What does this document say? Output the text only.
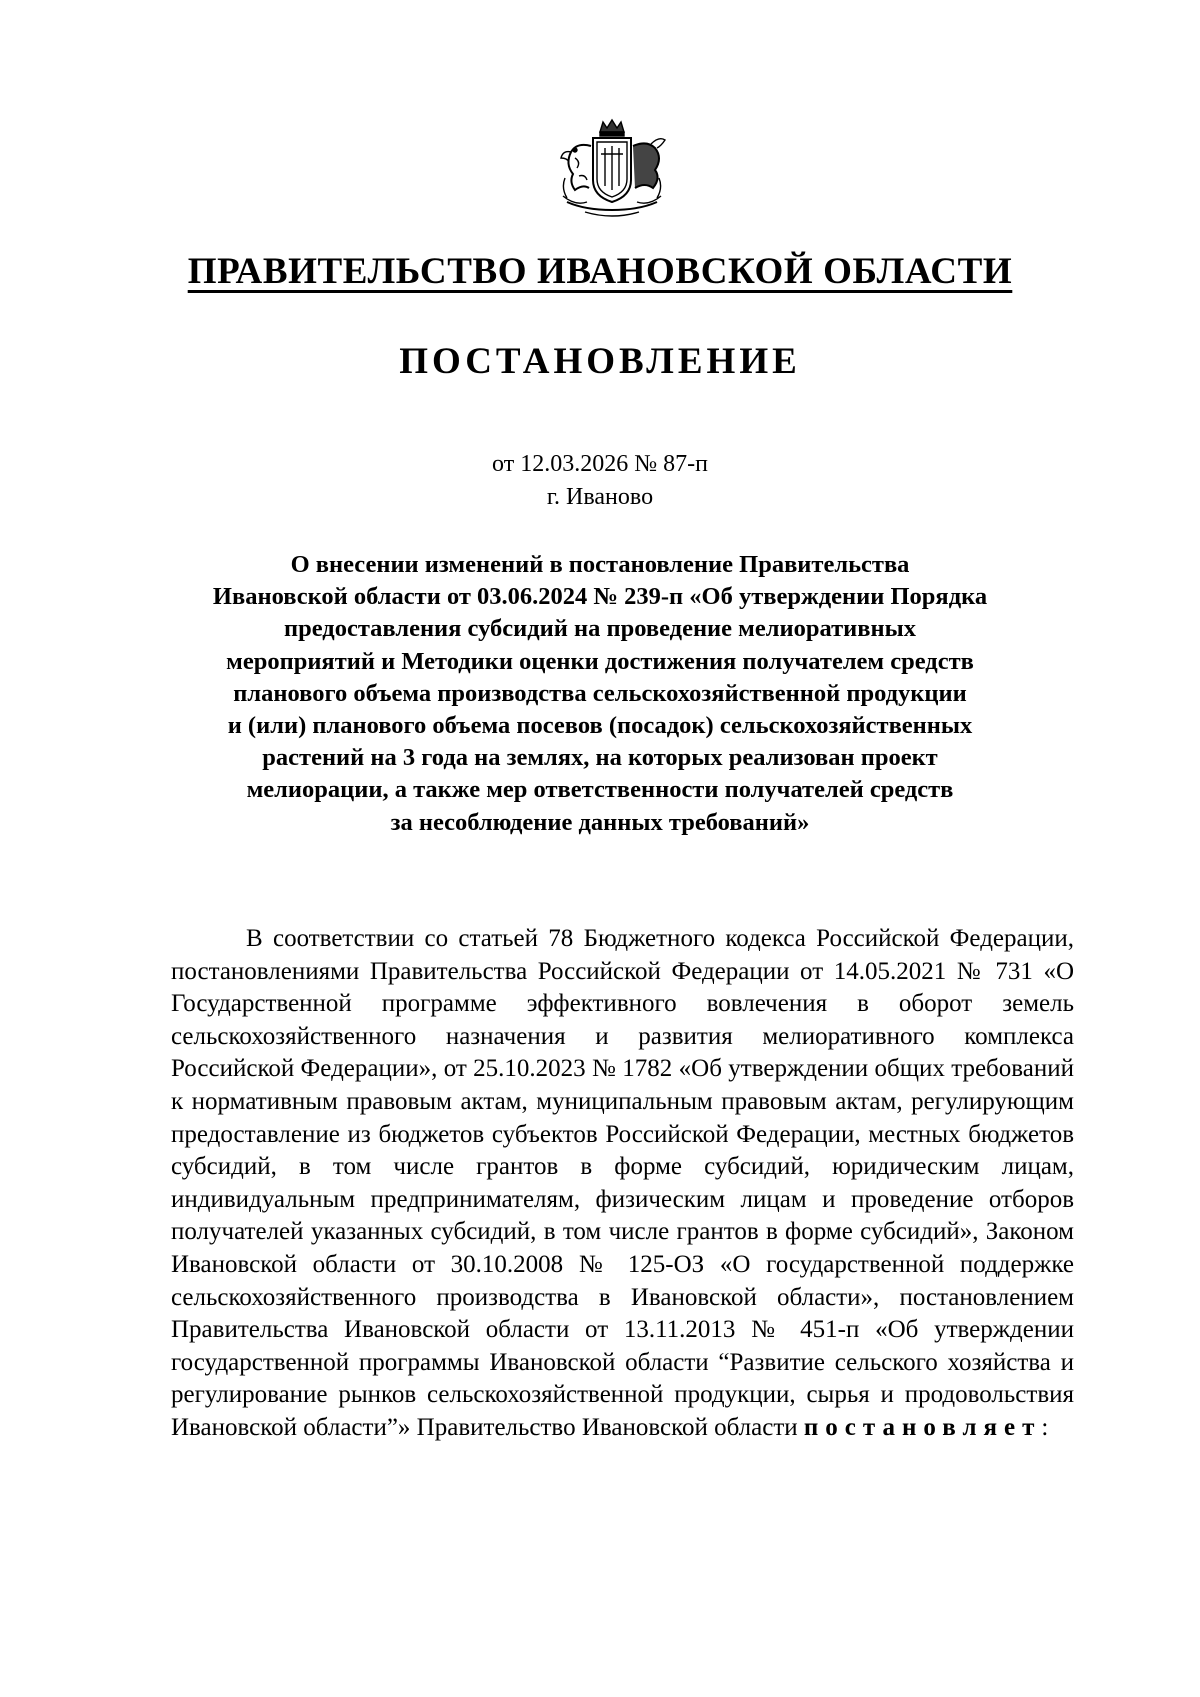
ПРАВИТЕЛЬСТВО ИВАНОВСКОЙ ОБЛАСТИ
ПОСТАНОВЛЕНИЕ
от 12.03.2026 № 87-п
г. Иваново
О внесении изменений в постановление Правительства
Ивановской области от 03.06.2024 № 239-п «Об утверждении Порядка
предоставления субсидий на проведение мелиоративных
мероприятий и Методики оценки достижения получателем средств
планового объема производства сельскохозяйственной продукции
и (или) планового объема посевов (посадок) сельскохозяйственных
растений на 3 года на землях, на которых реализован проект
мелиорации, а также мер ответственности получателей средств
за несоблюдение данных требований»

В соответствии со статьей 78 Бюджетного кодекса Российской Федерации, постановлениями Правительства Российской Федерации от 14.05.2021 № 731 «О Государственной программе эффективного вовлечения в оборот земель сельскохозяйственного назначения и развития мелиоративного комплекса Российской Федерации», от 25.10.2023 № 1782 «Об утверждении общих требований к нормативным правовым актам, муниципальным правовым актам, регулирующим предоставление из бюджетов субъектов Российской Федерации, местных бюджетов субсидий, в том числе грантов в форме субсидий, юридическим лицам, индивидуальным предпринимателям, физическим лицам и проведение отборов получателей указанных субсидий, в том числе грантов в форме субсидий», Законом Ивановской области от 30.10.2008 № 125-ОЗ «О государственной поддержке сельскохозяйственного производства в Ивановской области», постановлением Правительства Ивановской области от 13.11.2013 № 451-п «Об утверждении государственной программы Ивановской области “Развитие сельского хозяйства и регулирование рынков сельскохозяйственной продукции, сырья и продовольствия Ивановской области”» Правительство Ивановской области постановляет:
